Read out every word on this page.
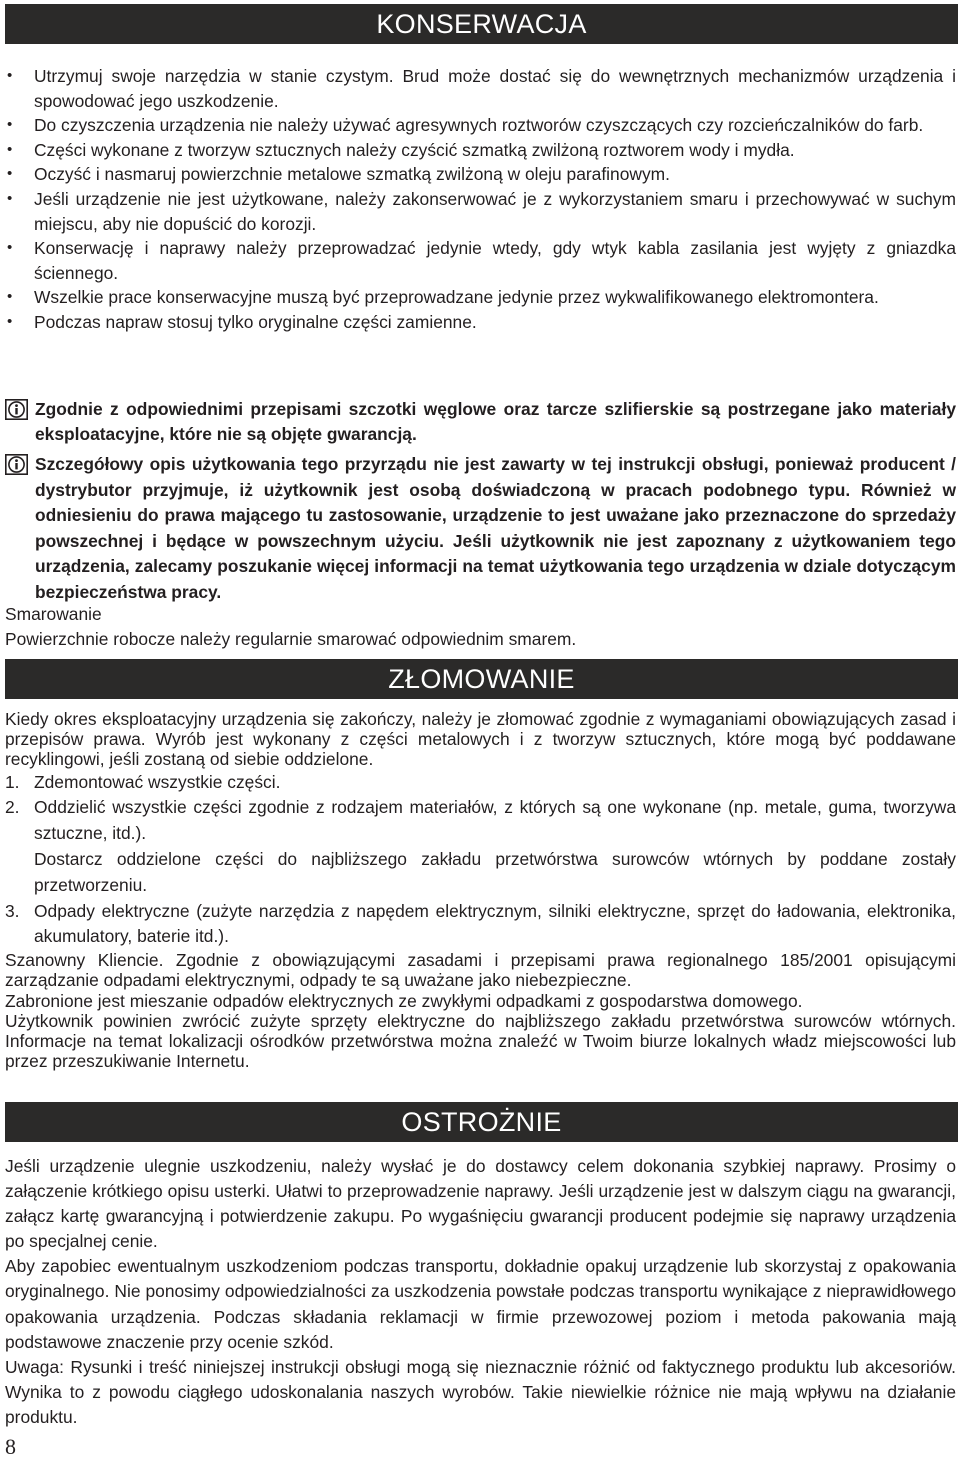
KONSERWACJA
• Utrzymuj swoje narzędzia w stanie czystym. Brud może dostać się do wewnętrznych mechanizmów urządzenia i spowodować jego uszkodzenie.
• Do czyszczenia urządzenia nie należy używać agresywnych roztworów czyszczących czy rozcieńczalników do farb.
• Części wykonane z tworzyw sztucznych należy czyścić szmatką zwilżoną roztworem wody i mydła.
• Oczyść i nasmaruj powierzchnie metalowe szmatką zwilżoną w oleju parafinowym.
• Jeśli urządzenie nie jest użytkowane, należy zakonserwować je z wykorzystaniem smaru i przechowywać w suchym miejscu, aby nie dopuścić do korozji.
• Konserwację i naprawy należy przeprowadzać jedynie wtedy, gdy wtyk kabla zasilania jest wyjęty z gniazdka ściennego.
• Wszelkie prace konserwacyjne muszą być przeprowadzane jedynie przez wykwalifikowanego elektromontera.
• Podczas napraw stosuj tylko oryginalne części zamienne.
Zgodnie z odpowiednimi przepisami szczotki węglowe oraz tarcze szlifierskie są postrzegane jako materiały eksploatacyjne, które nie są objęte gwarancją.
Szczegółowy opis użytkowania tego przyrządu nie jest zawarty w tej instrukcji obsługi, ponieważ producent / dystrybutor przyjmuje, iż użytkownik jest osobą doświadczoną w pracach podobnego typu. Również w odniesieniu do prawa mającego tu zastosowanie, urządzenie to jest uważane jako przeznaczone do sprzedaży powszechnej i będące w powszechnym użyciu. Jeśli użytkownik nie jest zapoznany z użytkowaniem tego urządzenia, zalecamy poszukanie więcej informacji na temat użytkowania tego urządzenia w dziale dotyczącym bezpieczeństwa pracy.

Smarowanie

Powierzchnie robocze należy regularnie smarować odpowiednim smarem.

ZŁOMOWANIE

Kiedy okres eksploatacyjny urządzenia się zakończy, należy je złomować zgodnie z wymaganiami obowiązujących zasad i przepisów prawa. Wyrób jest wykonany z części metalowych i z tworzyw sztucznych, które mogą być poddawane recyklingowi, jeśli zostaną od siebie oddzielone.

1. Zdemontować wszystkie części.
2. Oddzielić wszystkie części zgodnie z rodzajem materiałów, z których są one wykonane (np. metale, guma, tworzywa sztuczne, itd.).
Dostarcz oddzielone części do najbliższego zakładu przetwórstwa surowców wtórnych by poddane zostały przetworzeniu.
3. Odpady elektryczne (zużyte narzędzia z napędem elektrycznym, silniki elektryczne, sprzęt do ładowania, elektronika, akumulatory, baterie itd.).

Szanowny Kliencie. Zgodnie z obowiązującymi zasadami i przepisami prawa regionalnego 185/2001 opisującymi zarządzanie odpadami elektrycznymi, odpady te są uważane jako niebezpieczne.

Zabronione jest mieszanie odpadów elektrycznych ze zwykłymi odpadkami z gospodarstwa domowego.

Użytkownik powinien zwrócić zużyte sprzęty elektryczne do najbliższego zakładu przetwórstwa surowców wtórnych. Informacje na temat lokalizacji ośrodków przetwórstwa można znaleźć w Twoim biurze lokalnych władz miejscowości lub przez przeszukiwanie Internetu.

OSTROŻNIE

Jeśli urządzenie ulegnie uszkodzeniu, należy wysłać je do dostawcy celem dokonania szybkiej naprawy. Prosimy o załączenie krótkiego opisu usterki. Ułatwi to przeprowadzenie naprawy. Jeśli urządzenie jest w dalszym ciągu na gwarancji, załącz kartę gwarancyjną i potwierdzenie zakupu. Po wygaśnięciu gwarancji producent podejmie się naprawy urządzenia po specjalnej cenie.

Aby zapobiec ewentualnym uszkodzeniom podczas transportu, dokładnie opakuj urządzenie lub skorzystaj z opakowania oryginalnego. Nie ponosimy odpowiedzialności za uszkodzenia powstałe podczas transportu wynikające z nieprawidłowego opakowania urządzenia. Podczas składania reklamacji w firmie przewozowej poziom i metoda pakowania mają podstawowe znaczenie przy ocenie szkód.

Uwaga: Rysunki i treść niniejszej instrukcji obsługi mogą się nieznacznie różnić od faktycznego produktu lub akcesoriów. Wynika to z powodu ciągłego udoskonalania naszych wyrobów. Takie niewielkie różnice nie mają wpływu na działanie produktu.

8
